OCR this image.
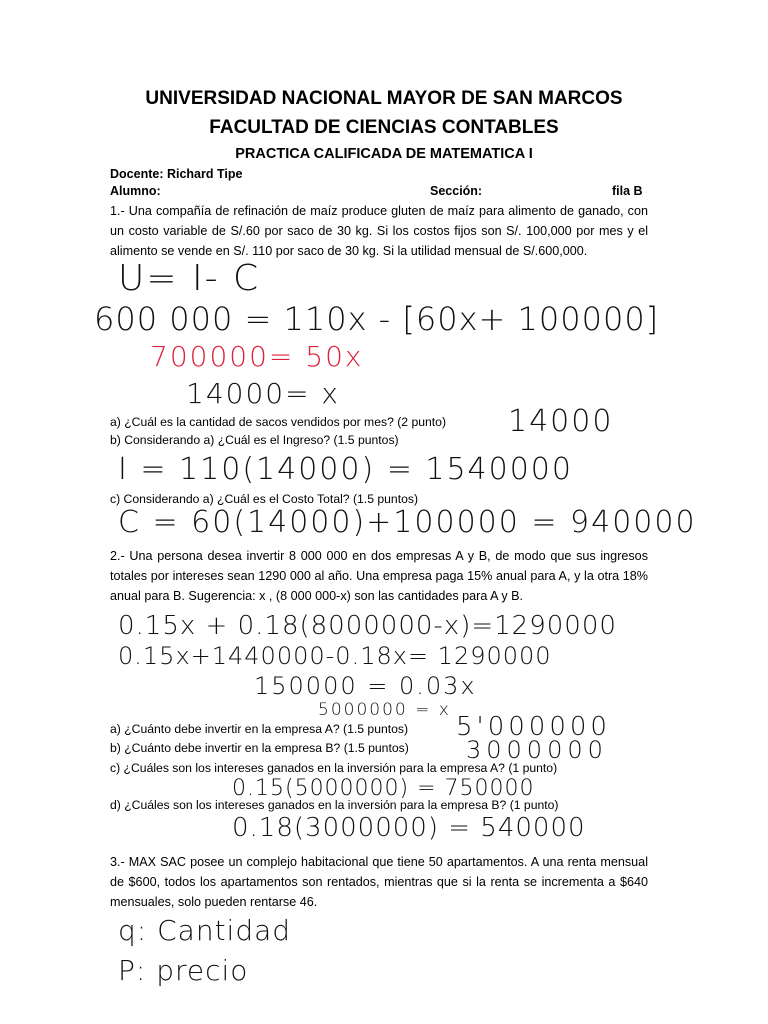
UNIVERSIDAD NACIONAL MAYOR DE SAN MARCOS
FACULTAD DE CIENCIAS CONTABLES
PRACTICA CALIFICADA DE MATEMATICA I
Docente: Richard Tipe
Alumno:	Sección:	fila B
1.- Una compañía de refinación de maíz produce gluten de maíz para alimento de ganado, con un costo variable de S/.60 por saco de 30 kg. Si los costos fijos son S/. 100,000 por mes y el alimento se vende en S/. 110 por saco de 30 kg. Si la utilidad mensual de S/.600,000.
U= I- C
600 000 = 110x - [60x+ 100000]
700000= 50x
14000= x
a) ¿Cuál es la cantidad de sacos vendidos por mes? (2 punto) 14000
b) Considerando a) ¿Cuál es el Ingreso? (1.5 puntos)
I = 110(14000) = 1540000
c) Considerando a) ¿Cuál es el Costo Total? (1.5 puntos)
C = 60(14000)+100000 = 940000
2.- Una persona desea invertir 8 000 000 en dos empresas A y B, de modo que sus ingresos totales por intereses sean 1290 000 al año. Una empresa paga 15% anual para A, y la otra 18% anual para B. Sugerencia: x , (8 000 000-x) son las cantidades para A y B.
0.15x + 0.18(8000000-x)=1290000
0.15x+1440000-0.18x= 1290000
150000 = 0.03x
5000000 = x
a) ¿Cuánto debe invertir en la empresa A? (1.5 puntos) 5'000000
b) ¿Cuánto debe invertir en la empresa B? (1.5 puntos) 3000000
c) ¿Cuáles son los intereses ganados en la inversión para la empresa A? (1 punto)
0.15(5000000) = 750000
d) ¿Cuáles son los intereses ganados en la inversión para la empresa B? (1 punto)
0.18(3000000) = 540000
3.- MAX SAC posee un complejo habitacional que tiene 50 apartamentos. A una renta mensual de $600, todos los apartamentos son rentados, mientras que si la renta se incrementa a $640 mensuales, solo pueden rentarse 46.
q: Cantidad
P: precio
